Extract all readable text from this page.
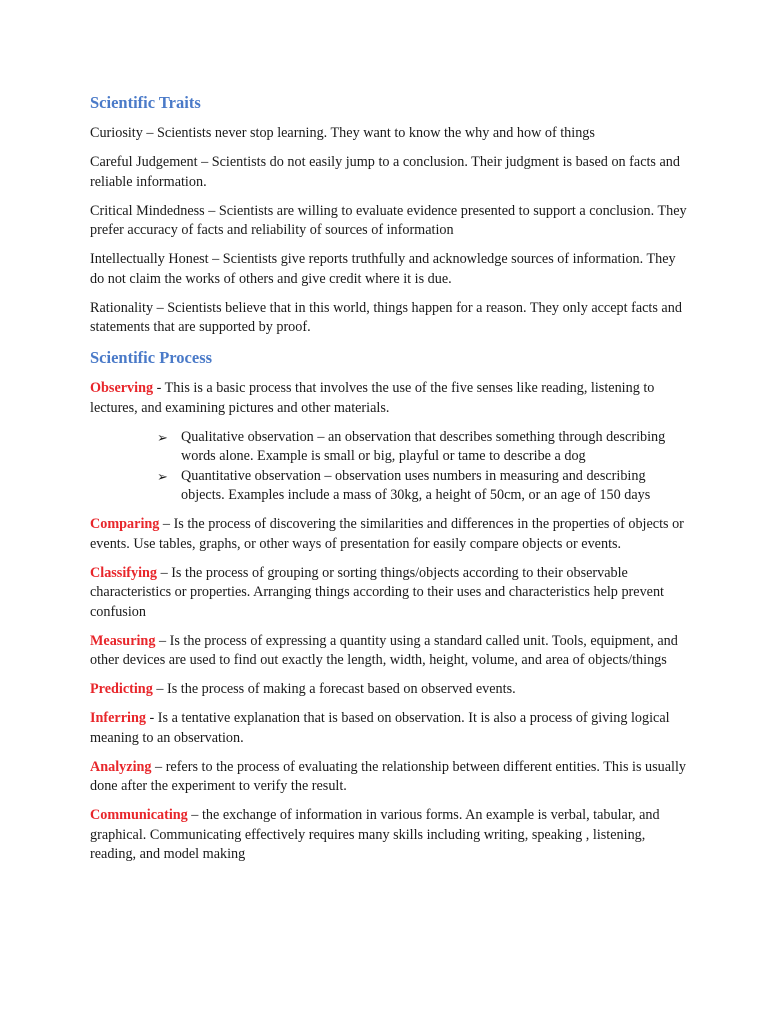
Scientific Traits

Curiosity – Scientists never stop learning. They want to know the why and how of things

Careful Judgement – Scientists do not easily jump to a conclusion. Their judgment is based on facts and reliable information.

Critical Mindedness – Scientists are willing to evaluate evidence presented to support a conclusion. They prefer accuracy of facts and reliability of sources of information

Intellectually Honest – Scientists give reports truthfully and acknowledge sources of information. They do not claim the works of others and give credit where it is due.

Rationality – Scientists believe that in this world, things happen for a reason. They only accept facts and statements that are supported by proof.

Scientific Process

Observing - This is a basic process that involves the use of the five senses like reading, listening to lectures, and examining pictures and other materials.

➢ Qualitative observation – an observation that describes something through describing words alone. Example is small or big, playful or tame to describe a dog
➢ Quantitative observation – observation uses numbers in measuring and describing objects. Examples include a mass of 30kg, a height of 50cm, or an age of 150 days

Comparing – Is the process of discovering the similarities and differences in the properties of objects or events. Use tables, graphs, or other ways of presentation for easily compare objects or events.

Classifying – Is the process of grouping or sorting things/objects according to their observable characteristics or properties. Arranging things according to their uses and characteristics help prevent confusion

Measuring – Is the process of expressing a quantity using a standard called unit. Tools, equipment, and other devices are used to find out exactly the length, width, height, volume, and area of objects/things

Predicting – Is the process of making a forecast based on observed events.

Inferring - Is a tentative explanation that is based on observation. It is also a process of giving logical meaning to an observation.

Analyzing – refers to the process of evaluating the relationship between different entities. This is usually done after the experiment to verify the result.

Communicating – the exchange of information in various forms. An example is verbal, tabular, and graphical. Communicating effectively requires many skills including writing, speaking , listening, reading, and model making
